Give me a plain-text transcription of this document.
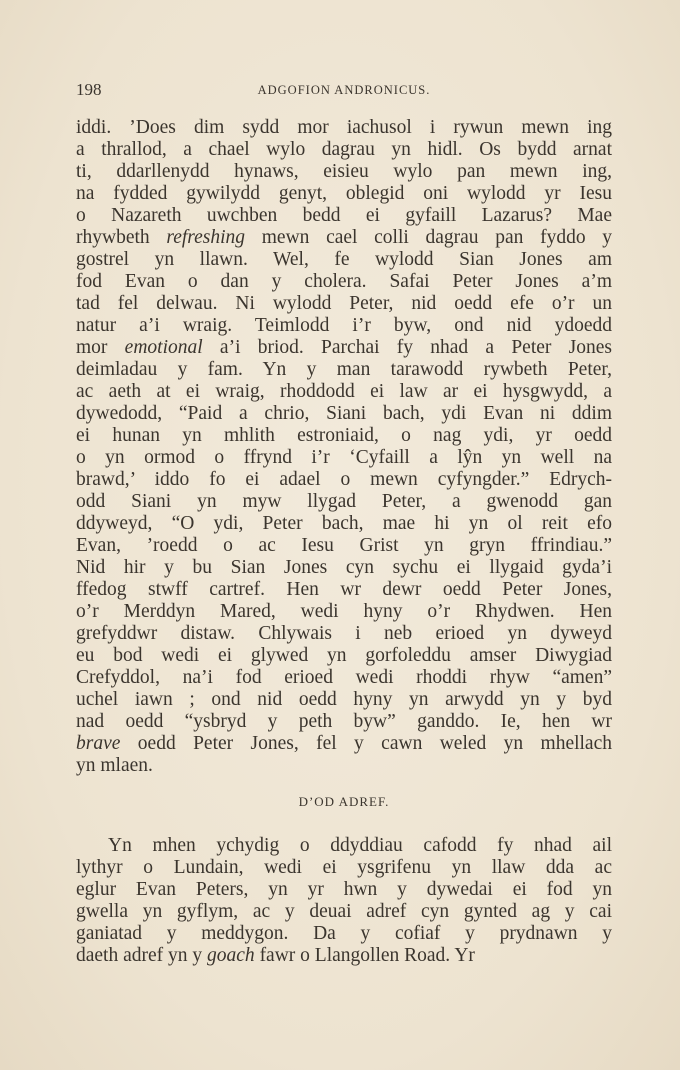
198	ADGOFION ANDRONICUS.
iddi. ’Does dim sydd mor iachusol i rywun mewn ing
a thrallod, a chael wylo dagrau yn hidl. Os bydd arnat
ti, ddarllenydd hynaws, eisieu wylo pan mewn ing,
na fydded gywilydd genyt, oblegid oni wylodd yr Iesu
o Nazareth uwchben bedd ei gyfaill Lazarus? Mae
rhywbeth refreshing mewn cael colli dagrau pan fyddo y
gostrel yn llawn. Wel, fe wylodd Sian Jones am
fod Evan o dan y cholera. Safai Peter Jones a’m
tad fel delwau. Ni wylodd Peter, nid oedd efe o’r un
natur a’i wraig. Teimlodd i’r byw, ond nid ydoedd
mor emotional a’i briod. Parchai fy nhad a Peter Jones
deimladau y fam. Yn y man tarawodd rywbeth Peter,
ac aeth at ei wraig, rhoddodd ei law ar ei hysgwydd, a
dywedodd, “Paid a chrio, Siani bach, ydi Evan ni ddim
ei hunan yn mhlith estroniaid, o nag ydi, yr oedd
o yn ormod o ffrynd i’r ‘Cyfaill a lŷn yn well na
brawd,’ iddo fo ei adael o mewn cyfyngder.” Edrych-
odd Siani yn myw llygad Peter, a gwenodd gan
ddyweyd, “O ydi, Peter bach, mae hi yn ol reit efo
Evan, ’roedd o ac Iesu Grist yn gryn ffrindiau.”
Nid hir y bu Sian Jones cyn sychu ei llygaid gyda’i
ffedog stwff cartref. Hen wr dewr oedd Peter Jones,
o’r Merddyn Mared, wedi hyny o’r Rhydwen. Hen
grefyddwr distaw. Chlywais i neb erioed yn dyweyd
eu bod wedi ei glywed yn gorfoleddu amser Diwygiad
Crefyddol, na’i fod erioed wedi rhoddi rhyw “amen”
uchel iawn ; ond nid oedd hyny yn arwydd yn y byd
nad oedd “ysbryd y peth byw” ganddo. Ie, hen wr
brave oedd Peter Jones, fel y cawn weled yn mhellach
yn mlaen.
D’OD ADREF.
Yn mhen ychydig o ddyddiau cafodd fy nhad ail
lythyr o Lundain, wedi ei ysgrifenu yn llaw dda ac
eglur Evan Peters, yn yr hwn y dywedai ei fod yn
gwella yn gyflym, ac y deuai adref cyn gynted ag y cai
ganiatad y meddygon. Da y cofiaf y prydnawn y
daeth adref yn y goach fawr o Llangollen Road. Yr
